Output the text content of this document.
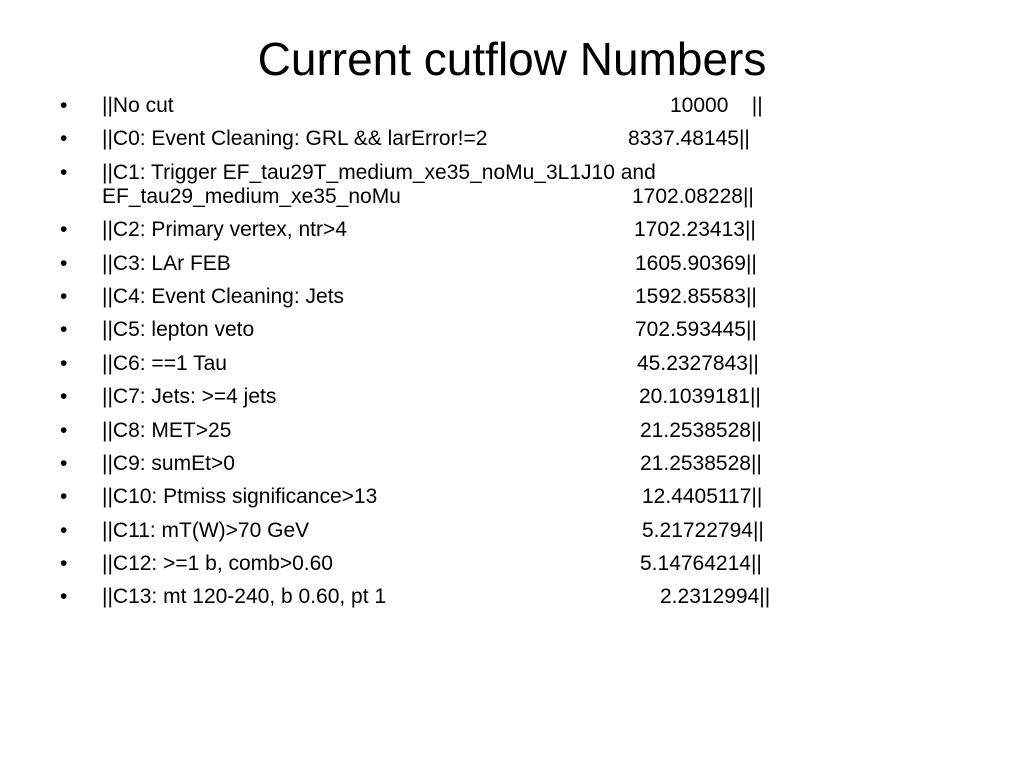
Current cutflow Numbers
•	||No cut	10000    ||
•	||C0: Event Cleaning: GRL && larError!=2	8337.48145||
•	||C1: Trigger EF_tau29T_medium_xe35_noMu_3L1J10 and
EF_tau29_medium_xe35_noMu	1702.08228||
•	||C2: Primary vertex, ntr>4	1702.23413||
•	||C3: LAr FEB	1605.90369||
•	||C4: Event Cleaning: Jets	1592.85583||
•	||C5: lepton veto	702.593445||
•	||C6: ==1 Tau	45.2327843||
•	||C7: Jets: >=4 jets	20.1039181||
•	||C8: MET>25	21.2538528||
•	||C9: sumEt>0	21.2538528||
•	||C10: Ptmiss significance>13	12.4405117||
•	||C11: mT(W)>70 GeV	5.21722794||
•	||C12: >=1 b, comb>0.60	5.14764214||
•	||C13: mt 120-240, b 0.60, pt 1	2.2312994||
